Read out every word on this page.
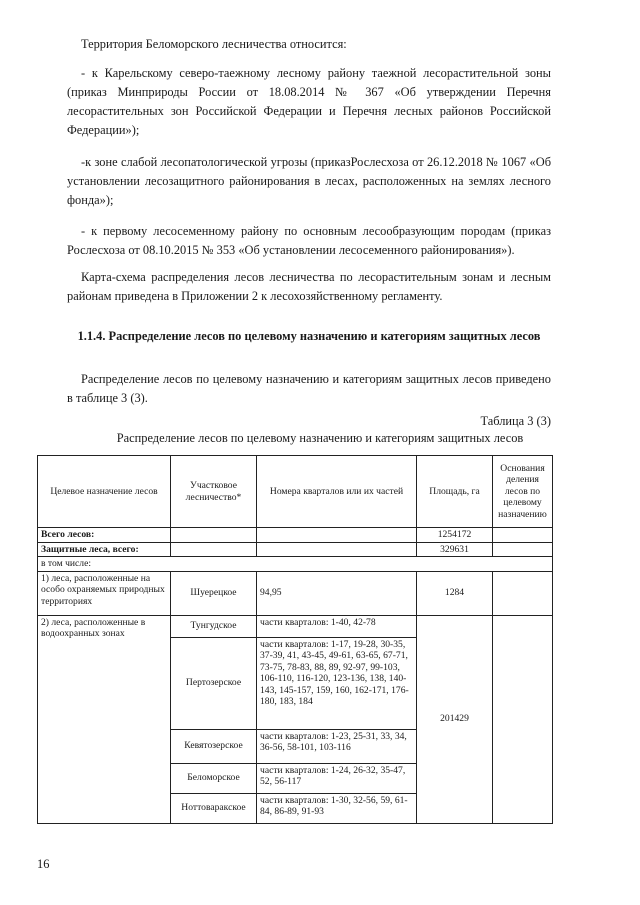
Территория Беломорского лесничества относится:
- к Карельскому северо-таежному лесному району таежной лесорастительной зоны (приказ Минприроды России от 18.08.2014 № 367 «Об утверждении Перечня лесорастительных зон Российской Федерации и Перечня лесных районов Российской Федерации»);
-к зоне слабой лесопатологической угрозы (приказРослесхоза от 26.12.2018 № 1067 «Об установлении лесозащитного районирования в лесах, расположенных на землях лесного фонда»);
- к первому лесосеменному району по основным лесообразующим породам (приказ Рослесхоза от 08.10.2015 № 353 «Об установлении лесосеменного районирования»).
Карта-схема распределения лесов лесничества по лесорастительным зонам и лесным районам приведена в Приложении 2 к лесохозяйственному регламенту.
1.1.4. Распределение лесов по целевому назначению и категориям защитных лесов
Распределение лесов по целевому назначению и категориям защитных лесов приведено в таблице 3 (3).
Таблица 3 (3)
Распределение лесов по целевому назначению и категориям защитных лесов
Целевое назначение лесов	Участковое лесничество*	Номера кварталов или их частей	Площадь, га	Основания деления лесов по целевому назначению
Всего лесов:			1254172	
Защитные леса, всего:			329631	
в том числе:				
1) леса, расположенные на особо охраняемых природных территориях	Шуерецкое	94,95	1284	
2) леса, расположенные в водоохранных зонах	Тунгудское	части кварталов: 1-40, 42-78	201429	
	Пертозерское	части кварталов: 1-17, 19-28, 30-35, 37-39, 41, 43-45, 49-61, 63-65, 67-71, 73-75, 78-83, 88, 89, 92-97, 99-103, 106-110, 116-120, 123-136, 138, 140-143, 145-157, 159, 160, 162-171, 176-180, 183, 184		
	Кевятозерское	части кварталов: 1-23, 25-31, 33, 34, 36-56, 58-101, 103-116		
	Беломорское	части кварталов: 1-24, 26-32, 35-47, 52, 56-117		
	Ноттоваракское	части кварталов: 1-30, 32-56, 59, 61-84, 86-89, 91-93		
16
